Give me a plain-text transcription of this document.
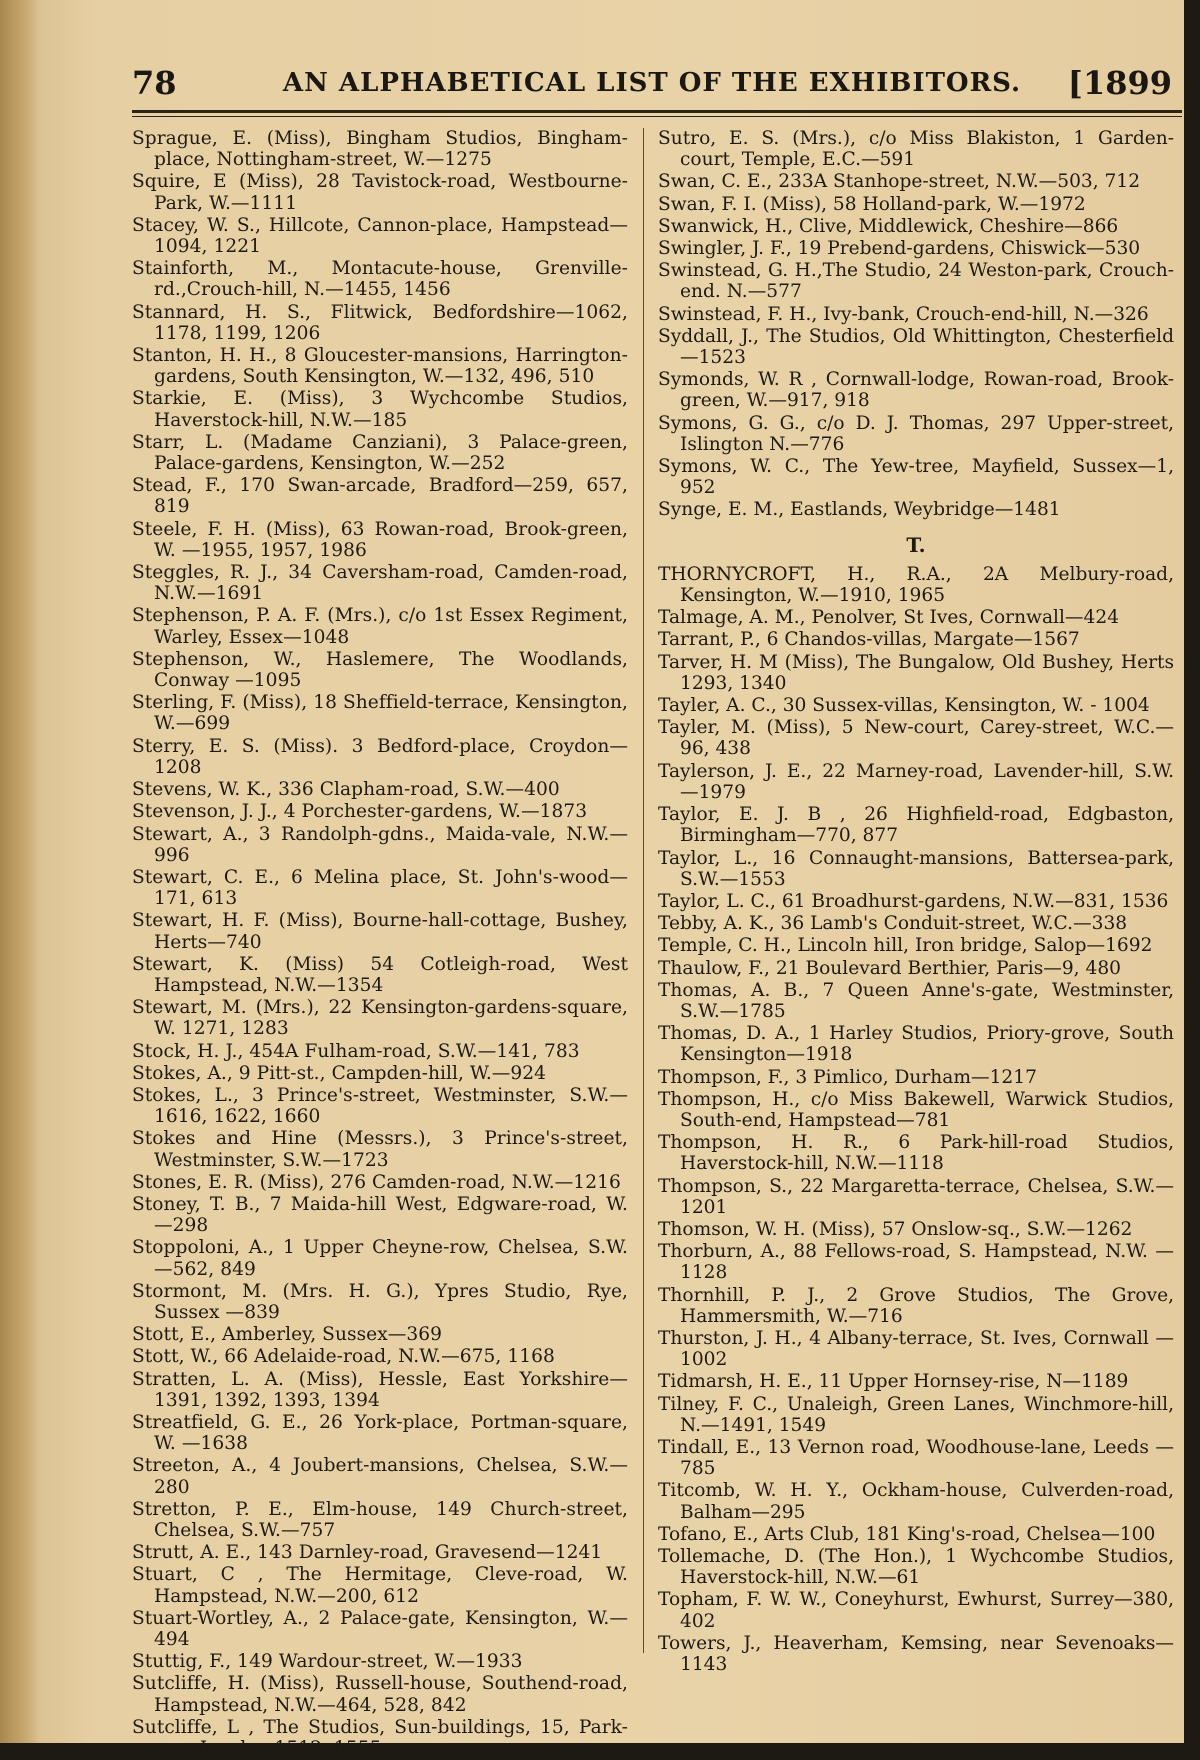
78	AN ALPHABETICAL LIST OF THE EXHIBITORS.	[1899
Sprague, E. (Miss), Bingham Studios, Bingham-place, Nottingham-street, W.—1275
Squire, E (Miss), 28 Tavistock-road, Westbourne-Park, W.—1111
Stacey, W. S., Hillcote, Cannon-place, Hampstead—1094, 1221
Stainforth, M., Montacute-house, Grenville-rd.,Crouch-hill, N.—1455, 1456
Stannard, H. S., Flitwick, Bedfordshire—1062, 1178, 1199, 1206
Stanton, H. H., 8 Gloucester-mansions, Harrington-gardens, South Kensington, W.—132, 496, 510
Starkie, E. (Miss), 3 Wychcombe Studios, Haverstock-hill, N.W.—185
Starr, L. (Madame Canziani), 3 Palace-green, Palace-gardens, Kensington, W.—252
Stead, F., 170 Swan-arcade, Bradford—259, 657, 819
Steele, F. H. (Miss), 63 Rowan-road, Brook-green, W. —1955, 1957, 1986
Steggles, R. J., 34 Caversham-road, Camden-road, N.W.—1691
Stephenson, P. A. F. (Mrs.), c/o 1st Essex Regiment, Warley, Essex—1048
Stephenson, W., Haslemere, The Woodlands, Conway —1095
Sterling, F. (Miss), 18 Sheffield-terrace, Kensington, W.—699
Sterry, E. S. (Miss). 3 Bedford-place, Croydon—1208
Stevens, W. K., 336 Clapham-road, S.W.—400
Stevenson, J. J., 4 Porchester-gardens, W.—1873
Stewart, A., 3 Randolph-gdns., Maida-vale, N.W.—996
Stewart, C. E., 6 Melina place, St. John's-wood—171, 613
Stewart, H. F. (Miss), Bourne-hall-cottage, Bushey, Herts—740
Stewart, K. (Miss) 54 Cotleigh-road, West Hampstead, N.W.—1354
Stewart, M. (Mrs.), 22 Kensington-gardens-square, W. 1271, 1283
Stock, H. J., 454A Fulham-road, S.W.—141, 783
Stokes, A., 9 Pitt-st., Campden-hill, W.—924
Stokes, L., 3 Prince's-street, Westminster, S.W.—1616, 1622, 1660
Stokes and Hine (Messrs.), 3 Prince's-street, Westminster, S.W.—1723
Stones, E. R. (Miss), 276 Camden-road, N.W.—1216
Stoney, T. B., 7 Maida-hill West, Edgware-road, W. —298
Stoppoloni, A., 1 Upper Cheyne-row, Chelsea, S.W.—562, 849
Stormont, M. (Mrs. H. G.), Ypres Studio, Rye, Sussex —839
Stott, E., Amberley, Sussex—369
Stott, W., 66 Adelaide-road, N.W.—675, 1168
Stratten, L. A. (Miss), Hessle, East Yorkshire—1391, 1392, 1393, 1394
Streatfield, G. E., 26 York-place, Portman-square, W. —1638
Streeton, A., 4 Joubert-mansions, Chelsea, S.W.—280
Stretton, P. E., Elm-house, 149 Church-street, Chelsea, S.W.—757
Strutt, A. E., 143 Darnley-road, Gravesend—1241
Stuart, C , The Hermitage, Cleve-road, W. Hampstead, N.W.—200, 612
Stuart-Wortley, A., 2 Palace-gate, Kensington, W.—494
Stuttig, F., 149 Wardour-street, W.—1933
Sutcliffe, H. (Miss), Russell-house, Southend-road, Hampstead, N.W.—464, 528, 842
Sutcliffe, L , The Studios, Sun-buildings, 15, Park-row, Leeds—1512, 1555
Sutro, E. S. (Mrs.), c/o Miss Blakiston, 1 Garden-court, Temple, E.C.—591
Swan, C. E., 233A Stanhope-street, N.W.—503, 712
Swan, F. I. (Miss), 58 Holland-park, W.—1972
Swanwick, H., Clive, Middlewick, Cheshire—866
Swingler, J. F., 19 Prebend-gardens, Chiswick—530
Swinstead, G. H.,The Studio, 24 Weston-park, Crouch-end. N.—577
Swinstead, F. H., Ivy-bank, Crouch-end-hill, N.—326
Syddall, J., The Studios, Old Whittington, Chesterfield —1523
Symonds, W. R , Cornwall-lodge, Rowan-road, Brook-green, W.—917, 918
Symons, G. G., c/o D. J. Thomas, 297 Upper-street, Islington N.—776
Symons, W. C., The Yew-tree, Mayfield, Sussex—1, 952
Synge, E. M., Eastlands, Weybridge—1481
T.
THORNYCROFT, H., R.A., 2A Melbury-road, Kensington, W.—1910, 1965
Talmage, A. M., Penolver, St Ives, Cornwall—424
Tarrant, P., 6 Chandos-villas, Margate—1567
Tarver, H. M (Miss), The Bungalow, Old Bushey, Herts 1293, 1340
Tayler, A. C., 30 Sussex-villas, Kensington, W. - 1004
Tayler, M. (Miss), 5 New-court, Carey-street, W.C.—96, 438
Taylerson, J. E., 22 Marney-road, Lavender-hill, S.W. —1979
Taylor, E. J. B , 26 Highfield-road, Edgbaston, Birmingham—770, 877
Taylor, L., 16 Connaught-mansions, Battersea-park, S.W.—1553
Taylor, L. C., 61 Broadhurst-gardens, N.W.—831, 1536
Tebby, A. K., 36 Lamb's Conduit-street, W.C.—338
Temple, C. H., Lincoln hill, Iron bridge, Salop—1692
Thaulow, F., 21 Boulevard Berthier, Paris—9, 480
Thomas, A. B., 7 Queen Anne's-gate, Westminster, S.W.—1785
Thomas, D. A., 1 Harley Studios, Priory-grove, South Kensington—1918
Thompson, F., 3 Pimlico, Durham—1217
Thompson, H., c/o Miss Bakewell, Warwick Studios, South-end, Hampstead—781
Thompson, H. R., 6 Park-hill-road Studios, Haverstock-hill, N.W.—1118
Thompson, S., 22 Margaretta-terrace, Chelsea, S.W.—1201
Thomson, W. H. (Miss), 57 Onslow-sq., S.W.—1262
Thorburn, A., 88 Fellows-road, S. Hampstead, N.W. —1128
Thornhill, P. J., 2 Grove Studios, The Grove, Hammersmith, W.—716
Thurston, J. H., 4 Albany-terrace, St. Ives, Cornwall —1002
Tidmarsh, H. E., 11 Upper Hornsey-rise, N—1189
Tilney, F. C., Unaleigh, Green Lanes, Winchmore-hill, N.—1491, 1549
Tindall, E., 13 Vernon road, Woodhouse-lane, Leeds —785
Titcomb, W. H. Y., Ockham-house, Culverden-road, Balham—295
Tofano, E., Arts Club, 181 King's-road, Chelsea—100
Tollemache, D. (The Hon.), 1 Wychcombe Studios, Haverstock-hill, N.W.—61
Topham, F. W. W., Coneyhurst, Ewhurst, Surrey—380, 402
Towers, J., Heaverham, Kemsing, near Sevenoaks—1143
